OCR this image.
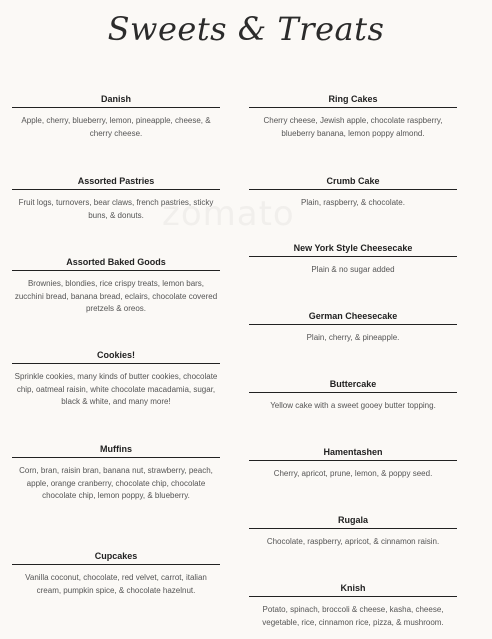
Sweets & Treats
zomato
Danish
Apple, cherry, blueberry, lemon, pineapple, cheese, & cherry cheese.
Assorted Pastries
Fruit logs, turnovers, bear claws, french pastries, sticky buns, & donuts.
Assorted Baked Goods
Brownies, blondies, rice crispy treats, lemon bars, zucchini bread, banana bread, eclairs, chocolate covered pretzels & oreos.
Cookies!
Sprinkle cookies, many kinds of butter cookies, chocolate chip, oatmeal raisin, white chocolate macadamia, sugar, black & white, and many more!
Muffins
Corn, bran, raisin bran, banana nut, strawberry, peach, apple, orange cranberry, chocolate chip, chocolate chocolate chip, lemon poppy, & blueberry.
Cupcakes
Vanilla coconut, chocolate, red velvet, carrot, italian cream, pumpkin spice, & chocolate hazelnut.
Ring Cakes
Cherry cheese, Jewish apple, chocolate raspberry, blueberry banana, lemon poppy almond.
Crumb Cake
Plain, raspberry, & chocolate.
New York Style Cheesecake
Plain & no sugar added
German Cheesecake
Plain, cherry, & pineapple.
Buttercake
Yellow cake with a sweet gooey butter topping.
Hamentashen
Cherry, apricot, prune, lemon, & poppy seed.
Rugala
Chocolate, raspberry, apricot, & cinnamon raisin.
Knish
Potato, spinach, broccoli & cheese, kasha, cheese, vegetable, rice, cinnamon rice, pizza, & mushroom.
